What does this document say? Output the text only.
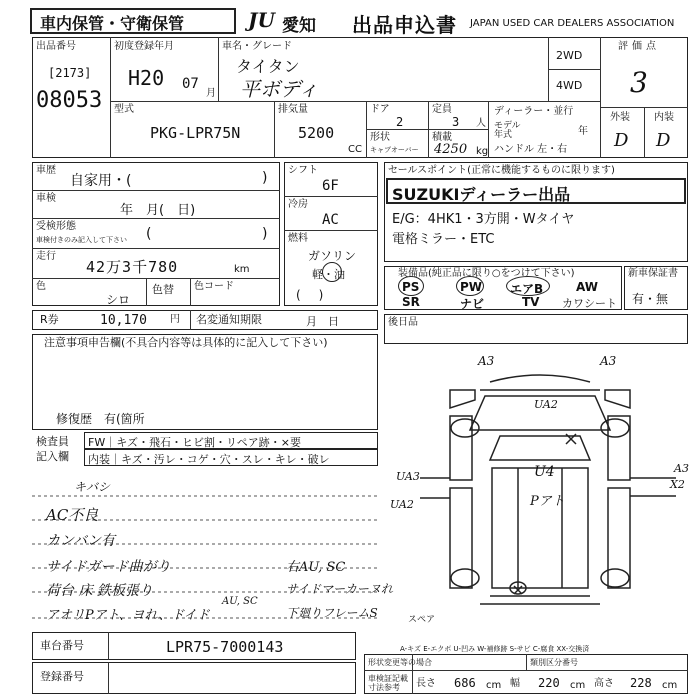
車内保管・守衛保管	JU 愛知 出品申込書 JAPAN USED CAR DEALERS ASSOCIATION
出品番号
[2173]
08053
初度登録年月
H20 07
月
車名・グレード
タイタン
平ボディ
2WD
4WD
評価点
3
型式
PKG-LPR75N
排気量
5200
CC
ドア
2
定員
3 人
形状
キャブオーバー
積載
4250 kg
ディーラー・並行
モデル年式	年
ハンドル 左・右
外装 内装
D D
車歴
自家用・(	)
車検
年　月(　日)
受検形態
車検付きのみ記入して下さい (	)
走行
42万3千780	km
色
シロ
色替 色コード
シフト
6F
冷房
AC
燃料
ガソリン
軽・油
(　)
R券	10,170 円 名変通知期限	月　日
注意事項申告欄(不具合内容等は具体的に記入して下さい)
修復歴　有(箇所
検査員
記入欄
FW｜キズ・飛石・ヒビ割・リペア跡・×要
内装｜キズ・汚レ・コゲ・穴・スレ・キレ・破レ
キバシ
AC不良
カンバン有
サイドガード曲がり
荷台 床 鉄板張り
アオリPアト、ヨれ、ドイド
AU, SC
右AU, SC
サイドマーカーヌれ
下廻りフレームS
セールスポイント(正常に機能するものに限ります)
SUZUKIディーラー出品
E/G：4HK1・3方開・Wタイヤ
電格ミラー・ETC
装備品(純正品に限り○をつけて下さい)
PS	PW エアB	AW
SR	ナビ	TV カワシート
新車保証書
有・無
後日品
A3	A3
UA2
UA3
UA2
U4
Pアト
A3
X2
スペア
車台番号	LPR75-7000143
登録番号
A-キズ E-エクボ U-凹み W-補修跡 S-サビ C-腐食 XX-交換済
形状変更等の場合	類別区分番号
車検証記載寸法参考	長さ 686 cm 幅 220 cm 高さ 228 cm
